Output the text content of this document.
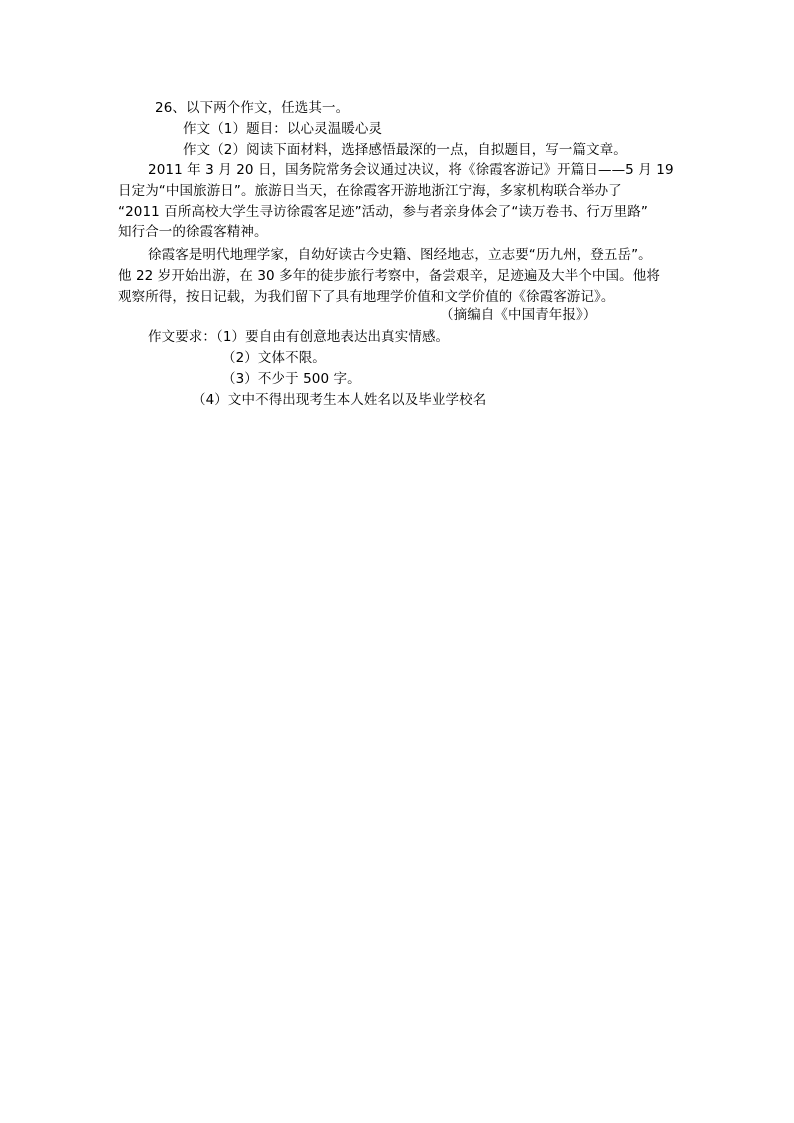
26、以下两个作文，任选其一。
作文（1）题目：以心灵温暖心灵
作文（2）阅读下面材料，选择感悟最深的一点，自拟题目，写一篇文章。
2011 年 3 月 20 日，国务院常务会议通过决议，将《徐霞客游记》开篇日——5 月 19
日定为“中国旅游日”。旅游日当天，在徐霞客开游地浙江宁海，多家机构联合举办了
“2011 百所高校大学生寻访徐霞客足迹”活动，参与者亲身体会了“读万卷书、行万里路”
知行合一的徐霞客精神。
徐霞客是明代地理学家，自幼好读古今史籍、图经地志，立志要“历九州，登五岳”。
他 22 岁开始出游，在 30 多年的徒步旅行考察中，备尝艰辛，足迹遍及大半个中国。他将
观察所得，按日记载，为我们留下了具有地理学价值和文学价值的《徐霞客游记》。
（摘编自《中国青年报》）
作文要求：（1）要自由有创意地表达出真实情感。
（2）文体不限。
（3）不少于 500 字。
（4）文中不得出现考生本人姓名以及毕业学校名
